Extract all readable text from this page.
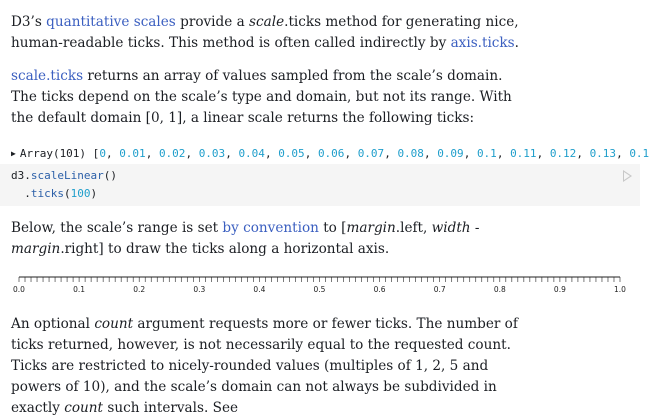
D3’s quantitative scales provide a scale.ticks method for generating nice, human-readable ticks. This method is often called indirectly by axis.ticks.

scale.ticks returns an array of values sampled from the scale’s domain. The ticks depend on the scale’s type and domain, but not its range. With the default domain [0, 1], a linear scale returns the following ticks:

▶ Array(101) [0, 0.01, 0.02, 0.03, 0.04, 0.05, 0.06, 0.07, 0.08, 0.09, 0.1, 0.11, 0.12, 0.13, 0.1
d3.scaleLinear()
.ticks(100)

Below, the scale’s range is set by convention to [margin.left, width - margin.right] to draw the ticks along a horizontal axis.

0.0	0.1	0.2	0.3	0.4	0.5	0.6	0.7	0.8	0.9	1.0

An optional count argument requests more or fewer ticks. The number of ticks returned, however, is not necessarily equal to the requested count. Ticks are restricted to nicely-rounded values (multiples of 1, 2, 5 and powers of 10), and the scale’s domain can not always be subdivided in exactly count such intervals. See
